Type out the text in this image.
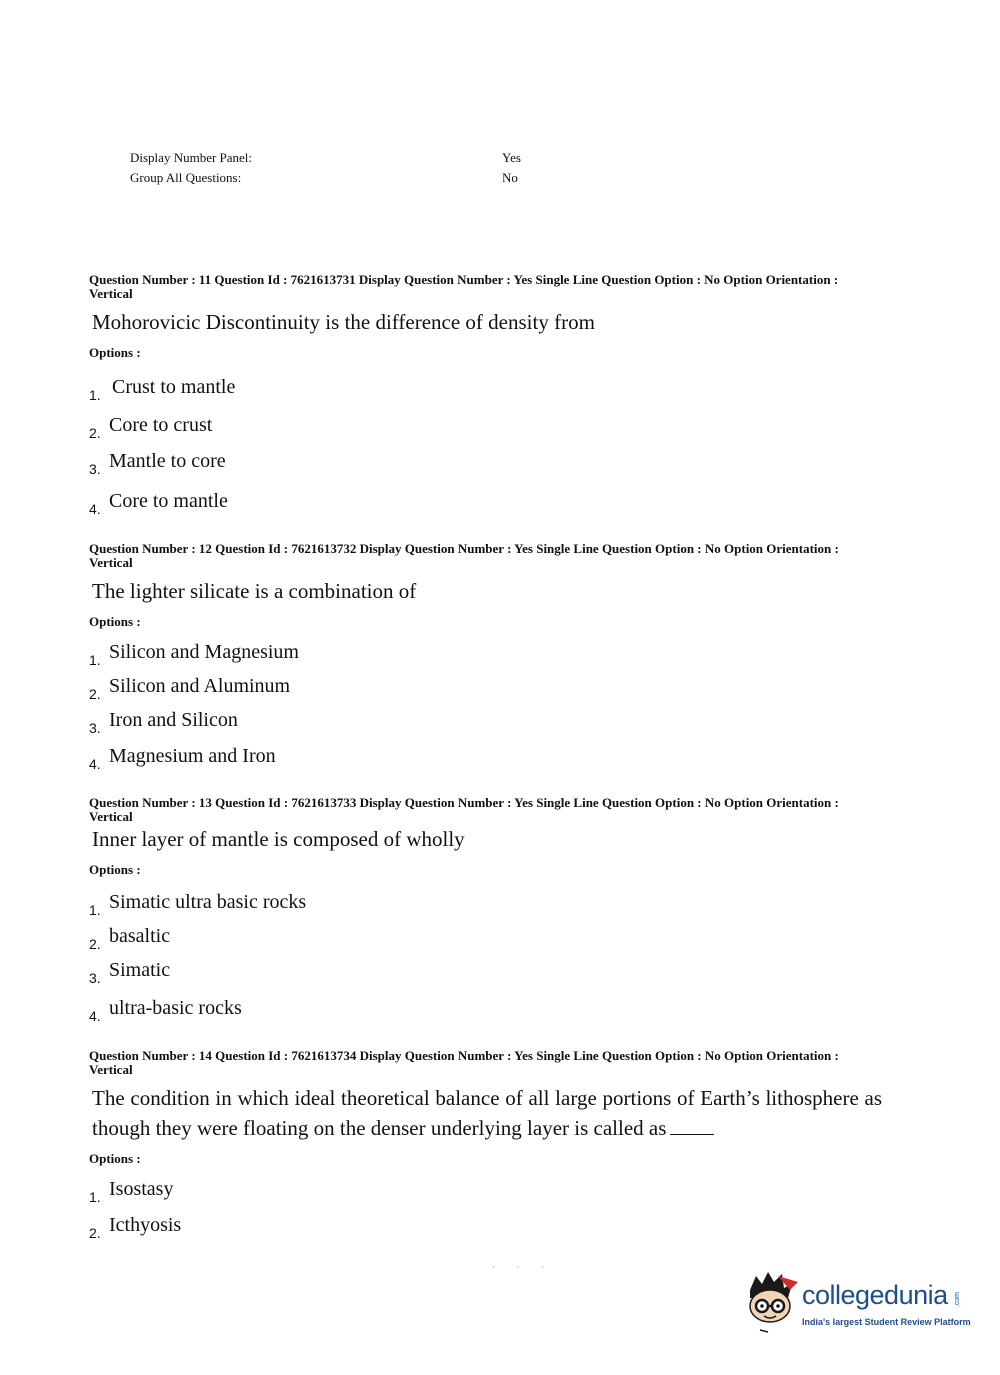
Display Number Panel:	Yes
Group All Questions:	No
Question Number : 11 Question Id : 7621613731 Display Question Number : Yes Single Line Question Option : No Option Orientation : Vertical
Mohorovicic Discontinuity is the difference of density from
Options :
1. Crust to mantle
2. Core to crust
3. Mantle to core
4. Core to mantle
Question Number : 12 Question Id : 7621613732 Display Question Number : Yes Single Line Question Option : No Option Orientation : Vertical
The lighter silicate is a combination of
Options :
1. Silicon and Magnesium
2. Silicon and Aluminum
3. Iron and Silicon
4. Magnesium and Iron
Question Number : 13 Question Id : 7621613733 Display Question Number : Yes Single Line Question Option : No Option Orientation : Vertical
Inner layer of mantle is composed of wholly
Options :
1. Simatic ultra basic rocks
2. basaltic
3. Simatic
4. ultra-basic rocks
Question Number : 14 Question Id : 7621613734 Display Question Number : Yes Single Line Question Option : No Option Orientation : Vertical
The condition in which ideal theoretical balance of all large portions of Earth’s lithosphere as though they were floating on the denser underlying layer is called as
Options :
1. Isostasy
2. Icthyosis
· · ·
collegedunia .com
India's largest Student Review Platform
